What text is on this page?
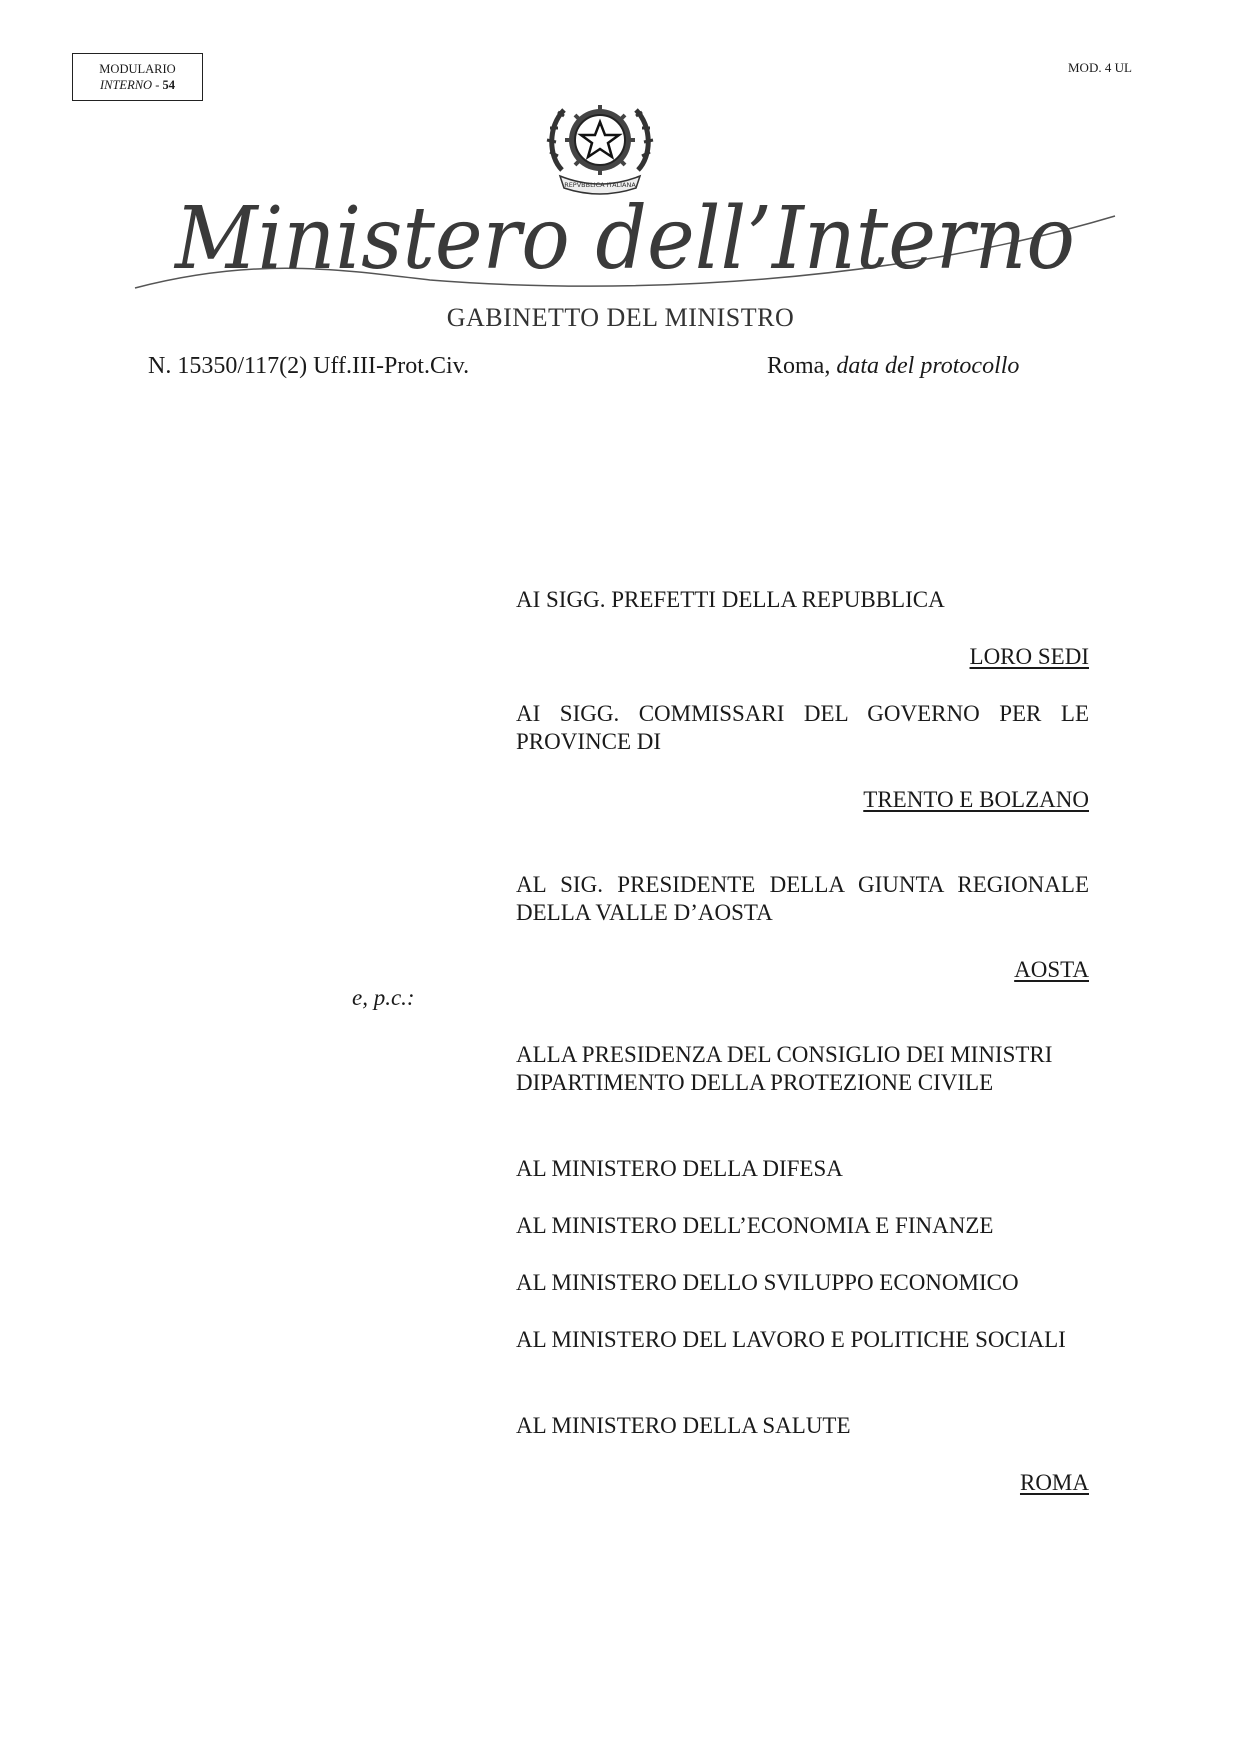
MODULARIO
INTERNO - 54
MOD. 4 UL
REPVBBLICA ITALIANA
Ministero dell’Interno
GABINETTO DEL MINISTRO
N. 15350/117(2) Uff.III-Prot.Civ.	Roma, data del protocollo
AI SIGG. PREFETTI DELLA REPUBBLICA
LORO SEDI
AI SIGG. COMMISSARI DEL GOVERNO PER LE PROVINCE DI
TRENTO E BOLZANO
AL SIG. PRESIDENTE DELLA GIUNTA REGIONALE DELLA VALLE D’AOSTA
AOSTA
e, p.c.:
ALLA PRESIDENZA DEL CONSIGLIO DEI MINISTRI
DIPARTIMENTO DELLA PROTEZIONE CIVILE
AL MINISTERO DELLA DIFESA
AL MINISTERO DELL’ECONOMIA E FINANZE
AL MINISTERO DELLO SVILUPPO ECONOMICO
AL MINISTERO DEL LAVORO E POLITICHE SOCIALI
AL MINISTERO DELLA SALUTE
ROMA
